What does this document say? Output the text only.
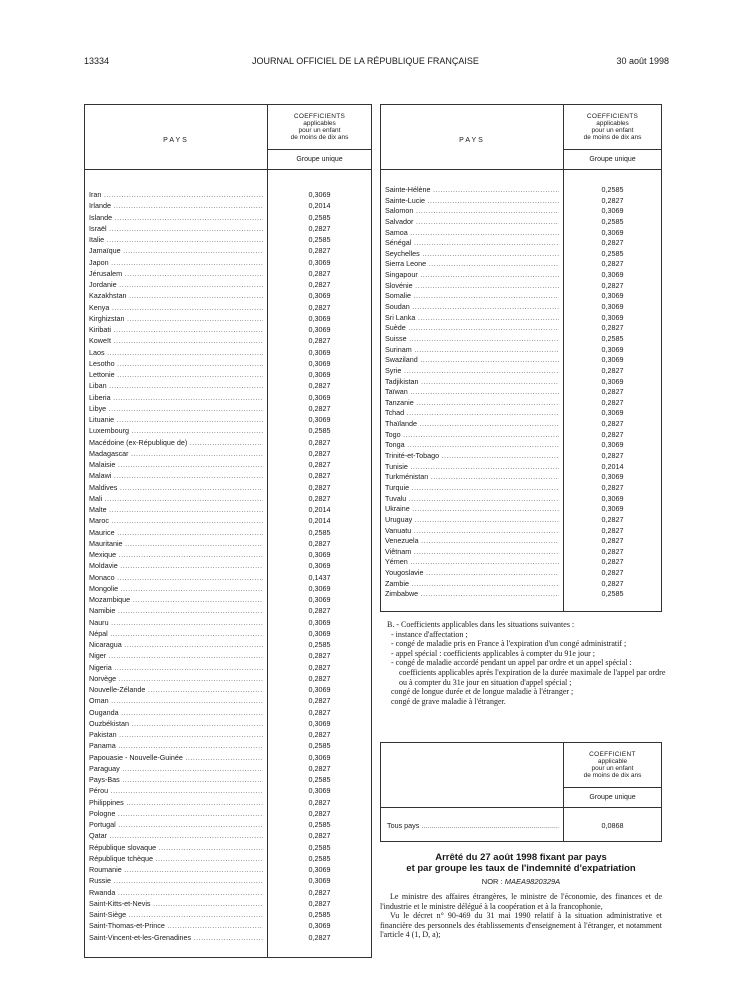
13334	JOURNAL OFFICIEL DE LA RÉPUBLIQUE FRANÇAISE	30 août 1998
PAYS
COEFFICIENTS
applicables
pour un enfant
de moins de dix ans
Groupe unique
Iran .....	0,3069
Irlande .....	0,2014
Islande .....	0,2585
Israël .....	0,2827
Italie .....	0,2585
Jamaïque .....	0,2827
Japon .....	0,3069
Jérusalem .....	0,2827
Jordanie .....	0,2827
Kazakhstan .....	0,3069
Kenya .....	0,2827
Kirghizstan .....	0,3069
Kiribati .....	0,3069
Koweït .....	0,2827
Laos .....	0,3069
Lesotho .....	0,3069
Lettonie .....	0,3069
Liban .....	0,2827
Liberia .....	0,3069
Libye .....	0,2827
Lituanie .....	0,3069
Luxembourg .....	0,2585
Macédoine (ex-République de) .....	0,2827
Madagascar .....	0,2827
Malaisie .....	0,2827
Malawi .....	0,2827
Maldives .....	0,2827
Mali .....	0,2827
Malte .....	0,2014
Maroc .....	0,2014
Maurice .....	0,2585
Mauritanie .....	0,2827
Mexique .....	0,3069
Moldavie .....	0,3069
Monaco .....	0,1437
Mongolie .....	0,3069
Mozambique .....	0,3069
Namibie .....	0,2827
Nauru .....	0,3069
Népal .....	0,3069
Nicaragua .....	0,2585
Niger .....	0,2827
Nigeria .....	0,2827
Norvège .....	0,2827
Nouvelle-Zélande .....	0,3069
Oman .....	0,2827
Ouganda .....	0,2827
Ouzbékistan .....	0,3069
Pakistan .....	0,2827
Panama .....	0,2585
Papouasie - Nouvelle-Guinée .....	0,3069
Paraguay .....	0,2827
Pays-Bas .....	0,2585
Pérou .....	0,3069
Philippines .....	0,2827
Pologne .....	0,2827
Portugal .....	0,2585
Qatar .....	0,2827
République slovaque .....	0,2585
République tchèque .....	0,2585
Roumanie .....	0,3069
Russie .....	0,3069
Rwanda .....	0,2827
Saint-Kitts-et-Nevis .....	0,2827
Saint-Siège .....	0,2585
Saint-Thomas-et-Prince .....	0,3069
Saint-Vincent-et-les-Grenadines .....	0,2827
PAYS
COEFFICIENTS
applicables
pour un enfant
de moins de dix ans
Groupe unique
Sainte-Hélène .....	0,2585
Sainte-Lucie .....	0,2827
Salomon .....	0,3069
Salvador .....	0,2585
Samoa .....	0,3069
Sénégal .....	0,2827
Seychelles .....	0,2585
Sierra Leone .....	0,2827
Singapour .....	0,3069
Slovénie .....	0,2827
Somalie .....	0,3069
Soudan .....	0,3069
Sri Lanka .....	0,3069
Suède .....	0,2827
Suisse .....	0,2585
Surinam .....	0,3069
Swaziland .....	0,3069
Syrie .....	0,2827
Tadjikistan .....	0,3069
Taïwan .....	0,2827
Tanzanie .....	0,2827
Tchad .....	0,3069
Thaïlande .....	0,2827
Togo .....	0,2827
Tonga .....	0,3069
Trinité-et-Tobago .....	0,2827
Tunisie .....	0,2014
Turkménistan .....	0,3069
Turquie .....	0,2827
Tuvalu .....	0,3069
Ukraine .....	0,3069
Uruguay .....	0,2827
Vanuatu .....	0,2827
Venezuela .....	0,2827
Viêtnam .....	0,2827
Yémen .....	0,2827
Yougoslavie .....	0,2827
Zambie .....	0,2827
Zimbabwe .....	0,2585
B. - Coefficients applicables dans les situations suivantes :
- instance d'affectation ;
- congé de maladie pris en France à l'expiration d'un congé administratif ;
- appel spécial : coefficients applicables à compter du 91e jour ;
- congé de maladie accordé pendant un appel par ordre et un appel spécial : coefficients applicables après l'expiration de la durée maximale de l'appel par ordre ou à compter du 31e jour en situation d'appel spécial ;
congé de longue durée et de longue maladie à l'étranger ;
congé de grave maladie à l'étranger.
COEFFICIENT
applicable
pour un enfant
de moins de dix ans
Groupe unique
Tous pays .....	0,0868
Arrêté du 27 août 1998 fixant par pays
et par groupe les taux de l'indemnité d'expatriation
NOR : MAEA9820329A

Le ministre des affaires étrangères, le ministre de l'économie, des finances et de l'industrie et le ministre délégué à la coopération et à la francophonie,

Vu le décret n° 90-469 du 31 mai 1990 relatif à la situation administrative et financière des personnels des établissements d'enseignement à l'étranger, et notamment l'article 4 (1, D, a);
